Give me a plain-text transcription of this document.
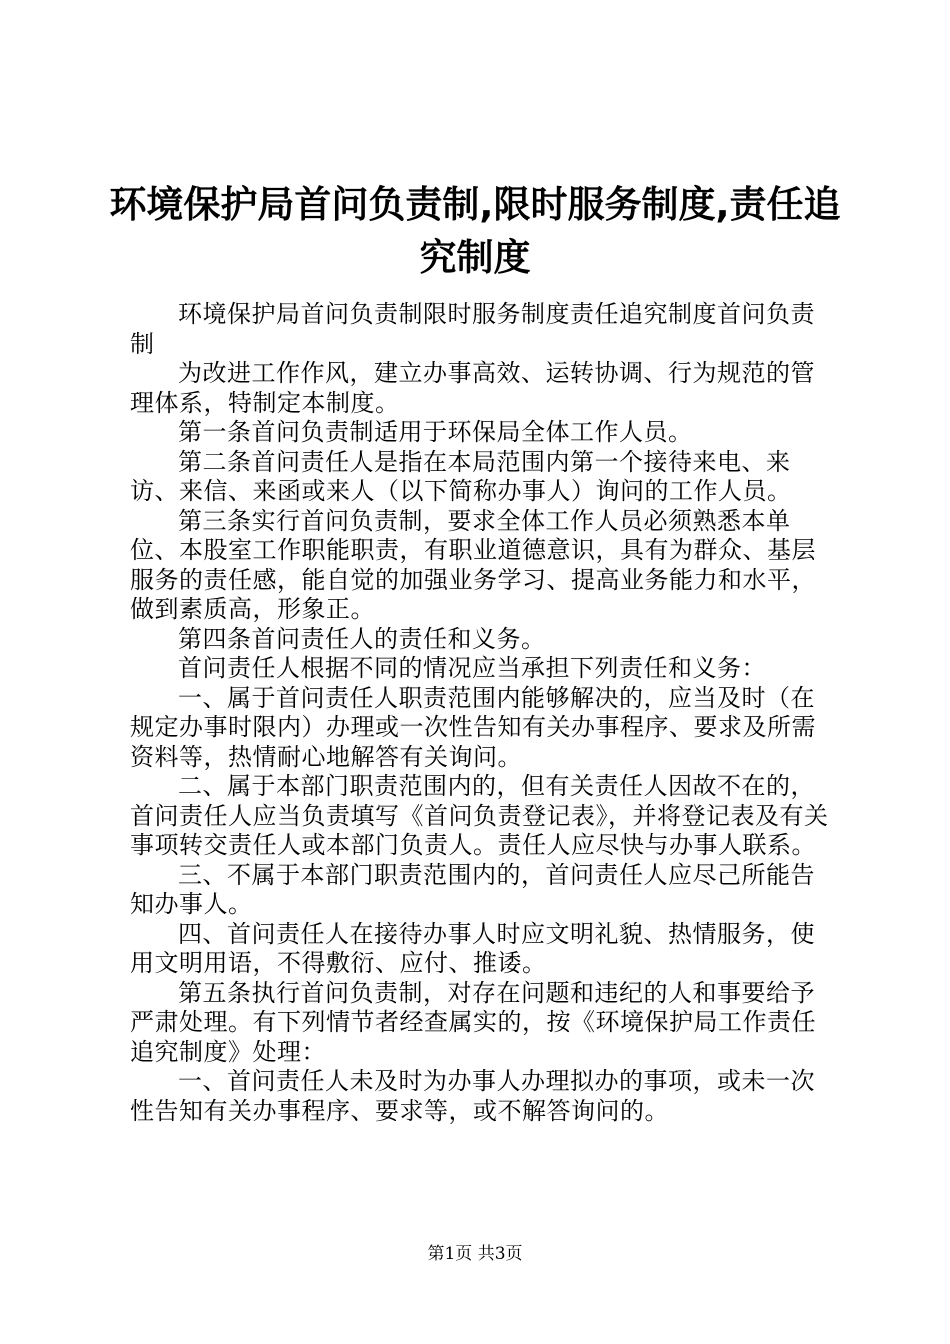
环境保护局首问负责制,限时服务制度,责任追究制度

环境保护局首问负责制限时服务制度责任追究制度首问负责制

为改进工作作风，建立办事高效、运转协调、行为规范的管理体系，特制定本制度。

第一条首问负责制适用于环保局全体工作人员。

第二条首问责任人是指在本局范围内第一个接待来电、来访、来信、来函或来人（以下简称办事人）询问的工作人员。

第三条实行首问负责制，要求全体工作人员必须熟悉本单位、本股室工作职能职责，有职业道德意识，具有为群众、基层服务的责任感，能自觉的加强业务学习、提高业务能力和水平，做到素质高，形象正。

第四条首问责任人的责任和义务。

首问责任人根据不同的情况应当承担下列责任和义务：

一、属于首问责任人职责范围内能够解决的，应当及时（在规定办事时限内）办理或一次性告知有关办事程序、要求及所需资料等，热情耐心地解答有关询问。

二、属于本部门职责范围内的，但有关责任人因故不在的，首问责任人应当负责填写《首问负责登记表》，并将登记表及有关事项转交责任人或本部门负责人。责任人应尽快与办事人联系。

三、不属于本部门职责范围内的，首问责任人应尽己所能告知办事人。

四、首问责任人在接待办事人时应文明礼貌、热情服务，使用文明用语，不得敷衍、应付、推诿。

第五条执行首问负责制，对存在问题和违纪的人和事要给予严肃处理。有下列情节者经查属实的，按《环境保护局工作责任追究制度》处理：

一、首问责任人未及时为办事人办理拟办的事项，或未一次性告知有关办事程序、要求等，或不解答询问的。

第1页 共3页
